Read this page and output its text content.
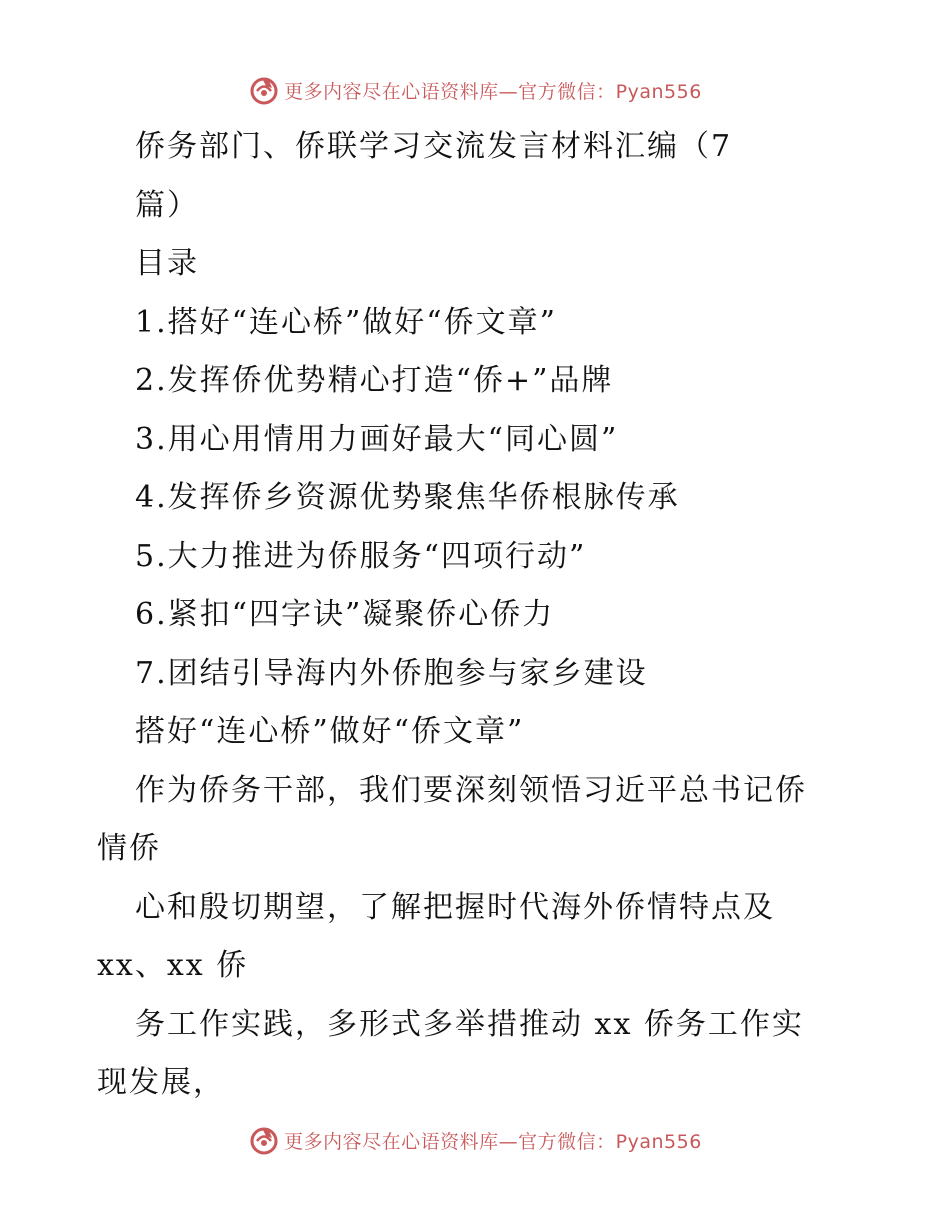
更多内容尽在心语资料库—官方微信：Pyan556
侨务部门、侨联学习交流发言材料汇编（7
篇）
目录
1.搭好“连心桥”做好“侨文章”
2.发挥侨优势精心打造“侨+”品牌
3.用心用情用力画好最大“同心圆”
4.发挥侨乡资源优势聚焦华侨根脉传承
5.大力推进为侨服务“四项行动”
6.紧扣“四字诀”凝聚侨心侨力
7.团结引导海内外侨胞参与家乡建设
搭好“连心桥”做好“侨文章”
作为侨务干部，我们要深刻领悟习近平总书记侨
情侨
心和殷切期望，了解把握时代海外侨情特点及
xx、xx 侨
务工作实践，多形式多举措推动 xx 侨务工作实
现发展，
更多内容尽在心语资料库—官方微信：Pyan556
